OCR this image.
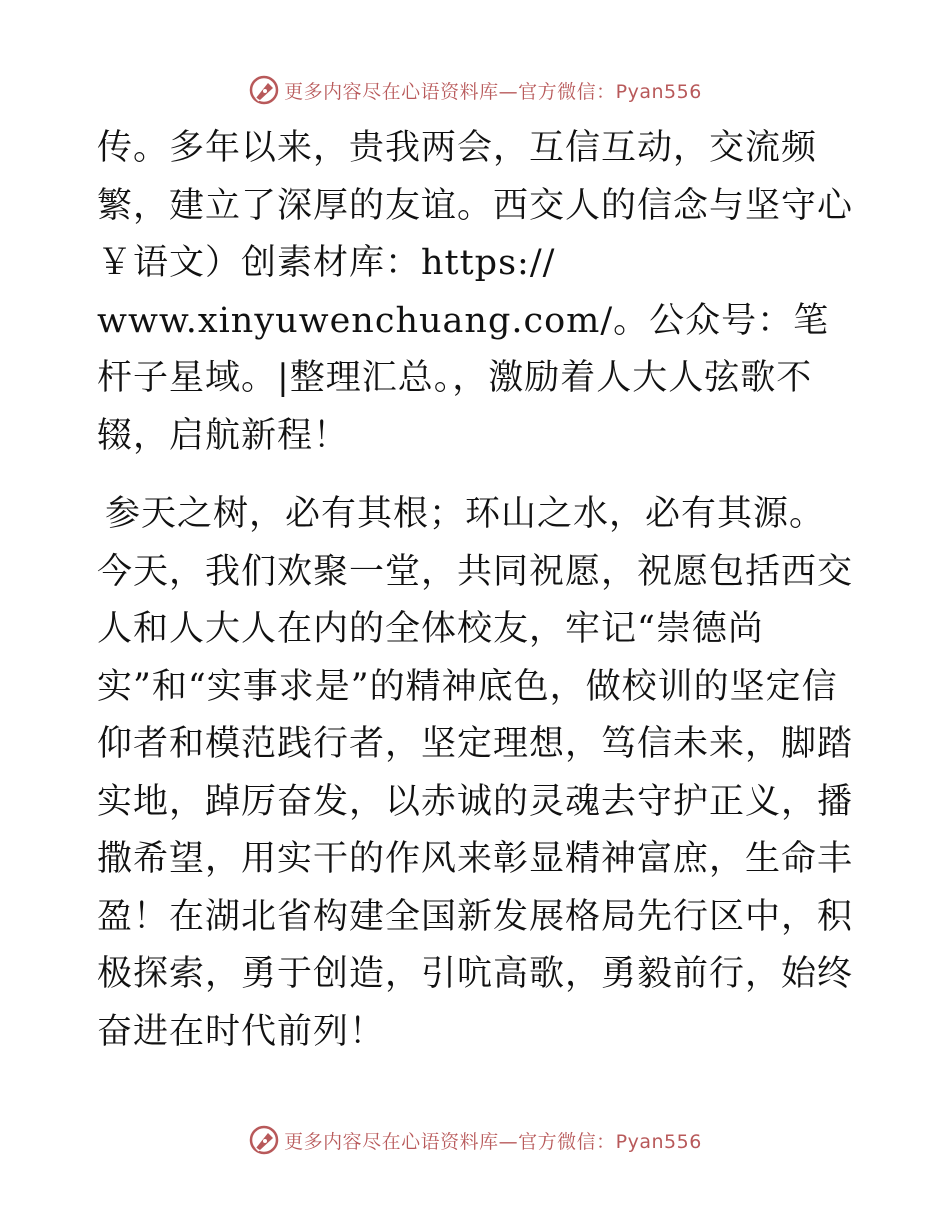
更多内容尽在心语资料库—官方微信：Pyan556

传。多年以来，贵我两会，互信互动，交流频繁，建立了深厚的友谊。西交人的信念与坚守心￥语文）创素材库：https://
www.xinyuwenchuang.com/。公众号：笔杆子星域。|整理汇总。，激励着人大人弦歌不辍，启航新程！

参天之树，必有其根；环山之水，必有其源。今天，我们欢聚一堂，共同祝愿，祝愿包括西交人和人大人在内的全体校友，牢记“崇德尚实”和“实事求是”的精神底色，做校训的坚定信仰者和模范践行者，坚定理想，笃信未来，脚踏实地，踔厉奋发，以赤诚的灵魂去守护正义，播撒希望，用实干的作风来彰显精神富庶，生命丰盈！在湖北省构建全国新发展格局先行区中，积极探索，勇于创造，引吭高歌，勇毅前行，始终奋进在时代前列！

更多内容尽在心语资料库—官方微信：Pyan556
